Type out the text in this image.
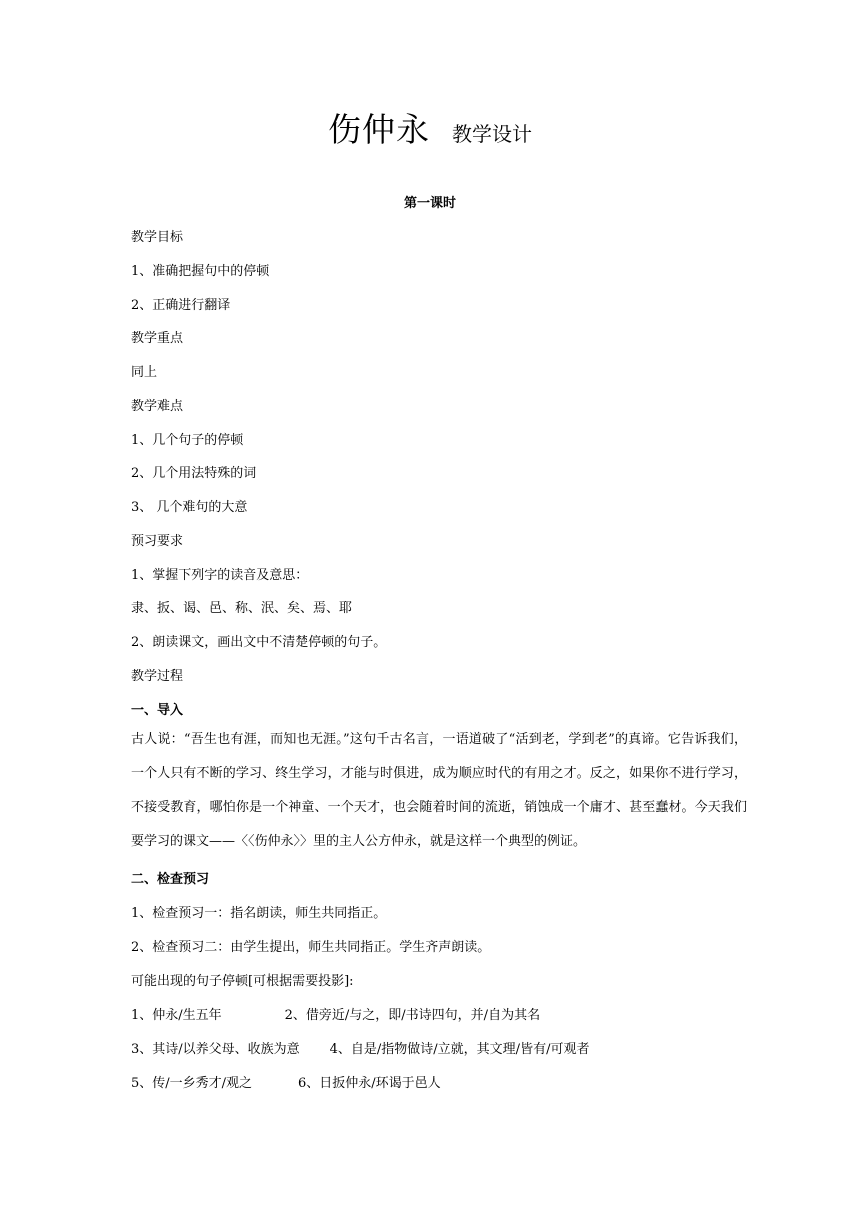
伤仲永 教学设计
第一课时
教学目标
1、准确把握句中的停顿
2、正确进行翻译
教学重点
同上
教学难点
1、几个句子的停顿
2、几个用法特殊的词
3、 几个难句的大意
预习要求
1、掌握下列字的读音及意思：
隶、扳、谒、邑、称、泯、矣、焉、耶
2、朗读课文，画出文中不清楚停顿的句子。
教学过程
一、导入
古人说：“吾生也有涯，而知也无涯。”这句千古名言，一语道破了“活到老，学到老”的真谛。它告诉我们，一个人只有不断的学习、终生学习，才能与时俱进，成为顺应时代的有用之才。反之，如果你不进行学习，不接受教育，哪怕你是一个神童、一个天才，也会随着时间的流逝，销蚀成一个庸才、甚至蠢材。今天我们要学习的课文——〈〈伤仲永〉〉里的主人公方仲永，就是这样一个典型的例证。
二、检查预习
1、检查预习一：指名朗读，师生共同指正。
2、检查预习二：由学生提出，师生共同指正。学生齐声朗读。
可能出现的句子停顿[可根据需要投影]:
1、仲永/生五年	2、借旁近/与之，即/书诗四句，并/自为其名
3、其诗/以养父母、收族为意 4、自是/指物做诗/立就，其文理/皆有/可观者
5、传/一乡秀才/观之	6、日扳仲永/环谒于邑人
